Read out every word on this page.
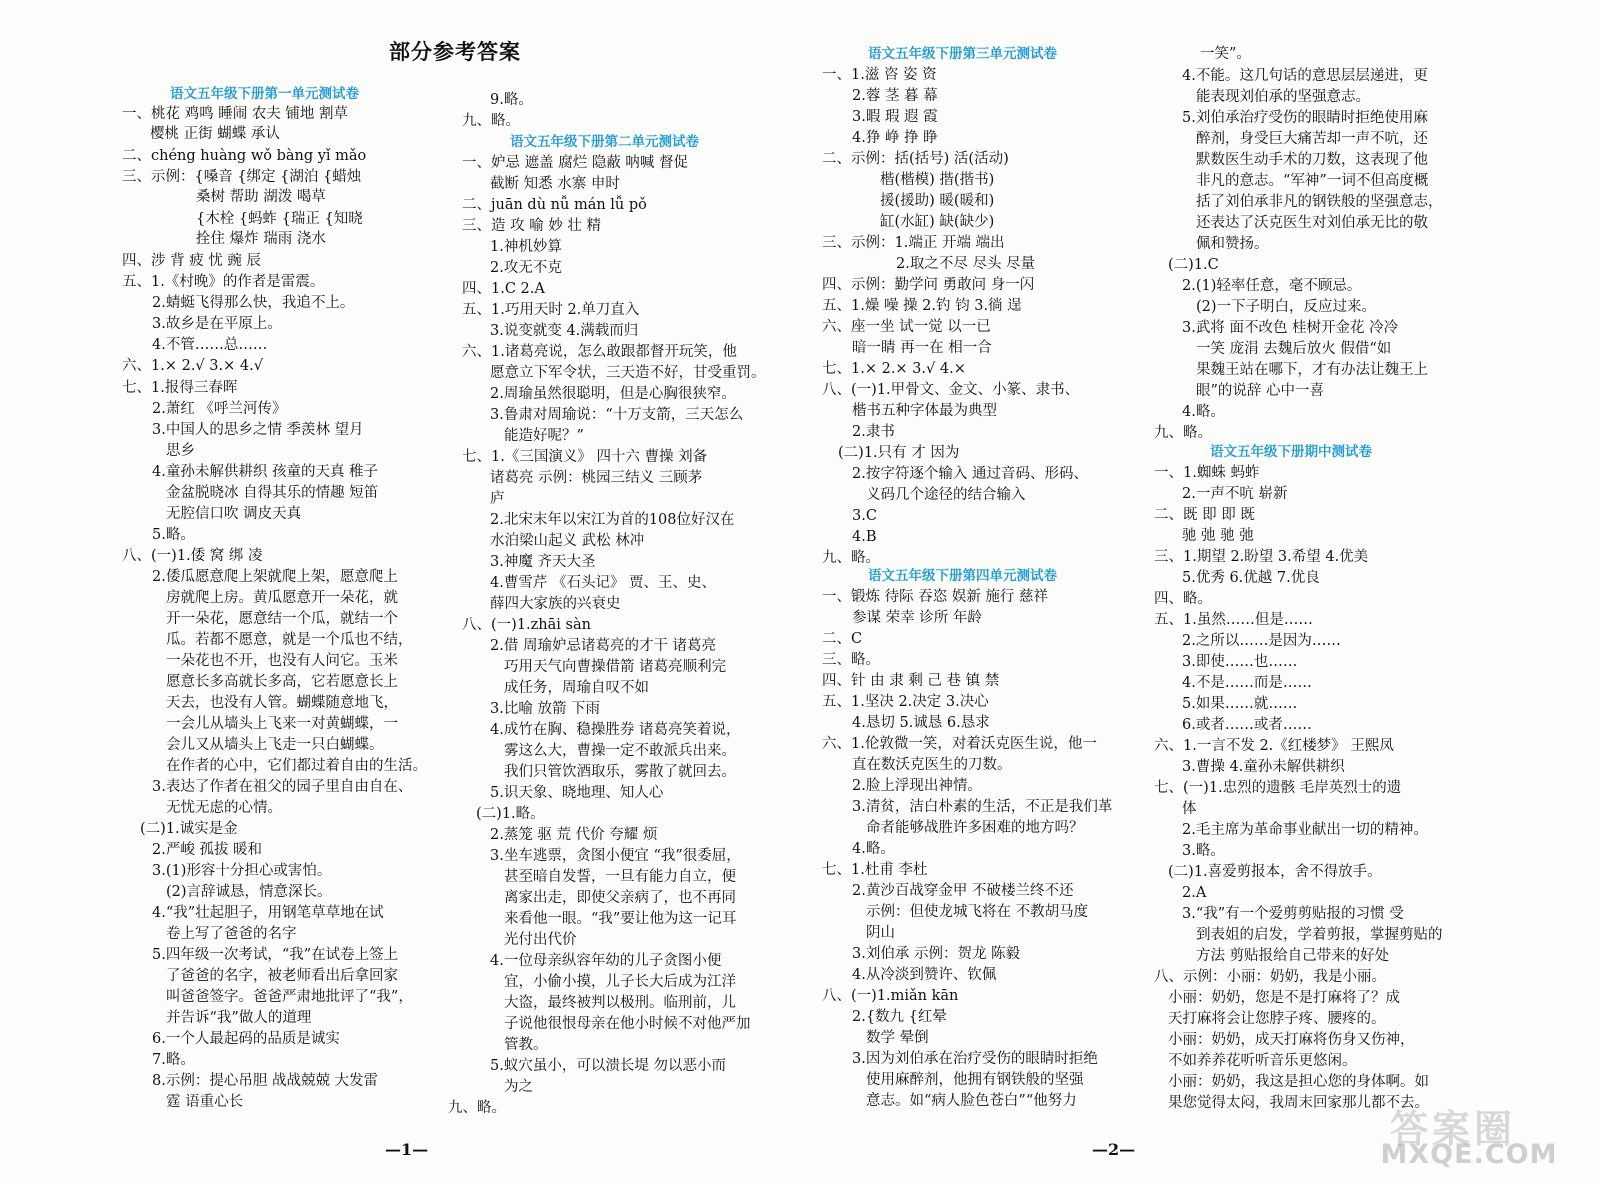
部分参考答案
语文五年级下册第一单元测试卷
一、桃花 鸡鸣 睡闹 农夫 铺地 割草
樱桃 正街 蝴蝶 承认
二、chéng huàng wǒ bàng yǐ mǎo
三、示例：{嗓音 {绑定 {湖泊 {蜡烛
桑树 帮助 湖泼 喝草
{木栓 {蚂蚱 {瑞正 {知晓
拴住 爆炸 瑞雨 浇水
四、涉 背 疲 忧 豌 辰
五、1.《村晚》的作者是雷震。
2.蜻蜓飞得那么快，我追不上。
3.故乡是在平原上。
4.不管……总……
六、1.× 2.√ 3.× 4.√
七、1.报得三春晖
2.萧红 《呼兰河传》
3.中国人的思乡之情 季羡林 望月
思乡
4.童孙未解供耕织 孩童的天真 稚子
金盆脱晓冰 自得其乐的情趣 短笛
无腔信口吹 调皮天真
5.略。
八、(一)1.倭 窝 绑 凌
2.倭瓜愿意爬上架就爬上架，愿意爬上
房就爬上房。黄瓜愿意开一朵花，就
开一朵花，愿意结一个瓜，就结一个
瓜。若都不愿意，就是一个瓜也不结，
一朵花也不开，也没有人问它。玉米
愿意长多高就长多高，它若愿意长上
天去，也没有人管。蝴蝶随意地飞，
一会儿从墙头上飞来一对黄蝴蝶，一
会儿又从墙头上飞走一只白蝴蝶。
在作者的心中，它们都过着自由的生活。
3.表达了作者在祖父的园子里自由自在、
无忧无虑的心情。
(二)1.诚实是金
2.严峻 孤拔 暖和
3.(1)形容十分担心或害怕。
(2)言辞诚恳，情意深长。
4.“我”壮起胆子，用钢笔草草地在试
卷上写了爸爸的名字
5.四年级一次考试，“我”在试卷上签上
了爸爸的名字，被老师看出后拿回家
叫爸爸签字。爸爸严肃地批评了“我”，
并告诉“我”做人的道理
6.一个人最起码的品质是诚实
7.略。
8.示例：提心吊胆 战战兢兢 大发雷
霆 语重心长
9.略。
九、略。
语文五年级下册第二单元测试卷
一、妒忌 遮盖 腐烂 隐蔽 呐喊 督促
截断 知悉 水寨 申时
二、juān dù nǚ mán lǚ pǒ
三、造 攻 喻 妙 壮 精
1.神机妙算
2.攻无不克
四、1.C 2.A
五、1.巧用天时 2.单刀直入
3.说变就变 4.满载而归
六、1.诸葛亮说，怎么敢跟都督开玩笑，他
愿意立下军令状，三天造不好，甘受重罚。
2.周瑜虽然很聪明，但是心胸很狭窄。
3.鲁肃对周瑜说：“十万支箭，三天怎么
能造好呢？”
七、1.《三国演义》 四十六 曹操 刘备
诸葛亮 示例：桃园三结义 三顾茅
庐
2.北宋末年以宋江为首的108位好汉在
水泊梁山起义 武松 林冲
3.神魔 齐天大圣
4.曹雪芹 《石头记》 贾、王、史、
薛四大家族的兴衰史
八、(一)1.zhāi sàn
2.借 周瑜妒忌诸葛亮的才干 诸葛亮
巧用天气向曹操借箭 诸葛亮顺利完
成任务，周瑜自叹不如
3.比喻 放箭 下雨
4.成竹在胸、稳操胜券 诸葛亮笑着说，
雾这么大，曹操一定不敢派兵出来。
我们只管饮酒取乐，雾散了就回去。
5.识天象、晓地理、知人心
(二)1.略。
2.蒸笼 驱 荒 代价 夸耀 烦
3.坐车逃票，贪图小便宜 “我”很委屈，
甚至暗自发誓，一旦有能力自立，便
离家出走，即使父亲病了，也不再同
来看他一眼。“我”要让他为这一记耳
光付出代价
4.一位母亲纵容年幼的儿子贪图小便
宜，小偷小摸，儿子长大后成为江洋
大盗，最终被判以极刑。临刑前，儿
子说他很恨母亲在他小时候不对他严加
管教。
5.蚁穴虽小，可以溃长堤 勿以恶小而
为之
九、略。
语文五年级下册第三单元测试卷
一、1.滋 咨 姿 资
2.蓉 茎 暮 幕
3.暇 瑕 遐 霞
4.狰 峥 挣 睁
二、示例：括(括号) 活(活动)
楷(楷模) 揩(揩书)
援(援助) 暖(暖和)
缸(水缸) 缺(缺少)
三、示例：1.端正 开端 端出
2.取之不尽 尽头 尽量
四、示例：勤学问 勇敢问 身一闪
五、1.燥 噪 操 2.钓 钧 3.徜 逞
六、座一坐 试一觉 以一已
暗一睛 再一在 相一合
七、1.× 2.× 3.√ 4.×
八、(一)1.甲骨文、金文、小篆、隶书、
楷书五种字体最为典型
2.隶书
(二)1.只有 才 因为
2.按字符逐个输入 通过音码、形码、
义码几个途径的结合输入
3.C
4.B
九、略。
语文五年级下册第四单元测试卷
一、锻炼 待际 吞恣 娱新 施行 慈祥
参谋 荣幸 诊所 年龄
二、C
三、略。
四、针 由 隶 剩 己 巷 镇 禁
五、1.坚决 2.决定 3.决心
4.恳切 5.诚恳 6.恳求
六、1.伦敦微一笑，对着沃克医生说，他一
直在数沃克医生的刀数。
2.脸上浮现出神情。
3.清贫，洁白朴素的生活，不正是我们革
命者能够战胜许多困难的地方吗？
4.略。
七、1.杜甫 李杜
2.黄沙百战穿金甲 不破楼兰终不还
示例：但使龙城飞将在 不教胡马度
阴山
3.刘伯承 示例：贺龙 陈毅
4.从冷淡到赞许、钦佩
八、(一)1.miǎn kān
2.{数九 {红晕
数学 晕倒
3.因为刘伯承在治疗受伤的眼睛时拒绝
使用麻醉剂，他拥有钢铁般的坚强
意志。如“病人脸色苍白”“他努力
一笑”。
4.不能。这几句话的意思层层递进，更
能表现刘伯承的坚强意志。
5.刘伯承治疗受伤的眼睛时拒绝使用麻
醉剂，身受巨大痛苦却一声不吭，还
默数医生动手术的刀数，这表现了他
非凡的意志。“军神”一词不但高度概
括了刘伯承非凡的钢铁般的坚强意志，
还表达了沃克医生对刘伯承无比的敬
佩和赞扬。
(二)1.C
2.(1)轻率任意，毫不顾忌。
(2)一下子明白，反应过来。
3.武将 面不改色 桂树开金花 冷冷
一笑 庞涓 去魏后放火 假借“如
果魏王站在哪下，才有办法让魏王上
眼”的说辞 心中一喜
4.略。
九、略。
语文五年级下册期中测试卷
一、1.蜘蛛 蚂蚱
2.一声不吭 崭新
二、既 即 即 既
驰 弛 驰 弛
三、1.期望 2.盼望 3.希望 4.优美
5.优秀 6.优越 7.优良
四、略。
五、1.虽然……但是……
2.之所以……是因为……
3.即使……也……
4.不是……而是……
5.如果……就……
6.或者……或者……
六、1.一言不发 2.《红楼梦》 王熙凤
3.曹操 4.童孙未解供耕织
七、(一)1.忠烈的遗骸 毛岸英烈士的遗
体
2.毛主席为革命事业献出一切的精神。
3.略。
(二)1.喜爱剪报本，舍不得放手。
2.A
3.“我”有一个爱剪剪贴报的习惯 受
到表姐的启发，学着剪报，掌握剪贴的
方法 剪贴报给自己带来的好处
八、示例：小丽：奶奶，我是小丽。
小丽：奶奶，您是不是打麻将了？成
天打麻将会让您脖子疼、腰疼的。
小丽：奶奶，成天打麻将伤身又伤神，
不如养养花听听音乐更悠闲。
小丽：奶奶，我这是担心您的身体啊。如
果您觉得太闷，我周末回家那儿都不去。
—1—	—2—	答案圈
MXQE.COM
